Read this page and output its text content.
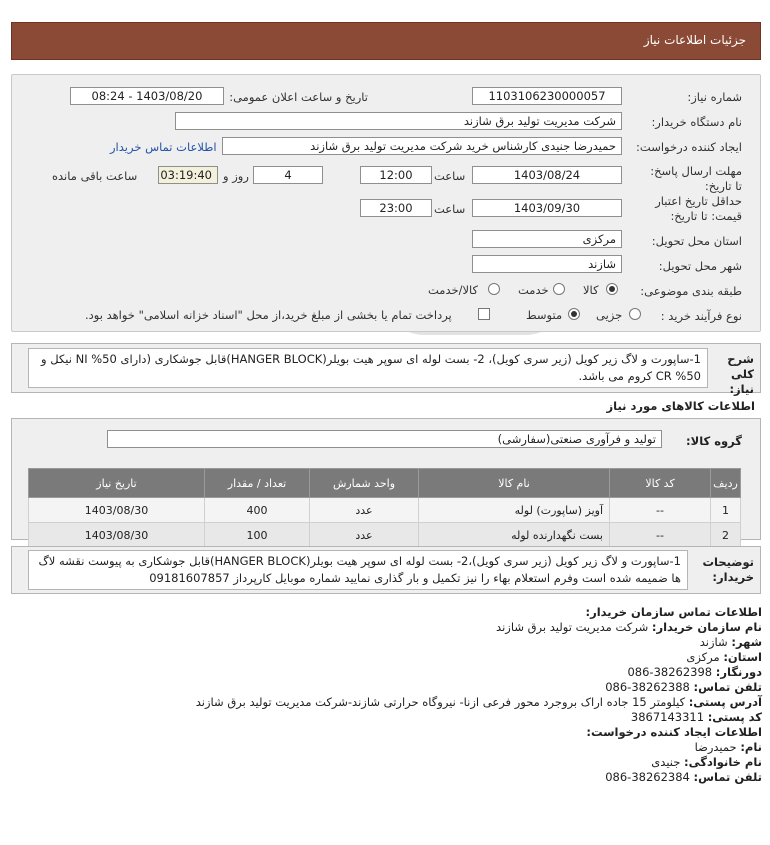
جزئیات اطلاعات نیاز
شماره نیاز:
1103106230000057
تاریخ و ساعت اعلان عمومی:
1403/08/20 - 08:24
نام دستگاه خریدار:
شرکت مدیریت تولید برق شازند
ایجاد کننده درخواست:
حمیدرضا جنیدی کارشناس خرید شرکت مدیریت تولید برق شازند
اطلاعات تماس خریدار
مهلت ارسال پاسخ: تا تاریخ:
1403/08/24
ساعت
12:00
4
روز و
03:19:40
ساعت باقی مانده
حداقل تاریخ اعتبار قیمت: تا تاریخ:
1403/09/30
ساعت
23:00
استان محل تحویل:
مرکزی
شهر محل تحویل:
شازند
طبقه بندی موضوعی:
کالا
خدمت
کالا/خدمت
نوع فرآیند خرید :
جزیی
متوسط
پرداخت تمام یا بخشی از مبلغ خرید،از محل "اسناد خزانه اسلامی" خواهد بود.
شرح کلی نیاز:
1-ساپورت و لاگ زیر کویل (زیر سری کویل)، 2- بست لوله ای سوپر هیت بویلر(HANGER BLOCK)قابل جوشکاری (دارای NI %50 نیکل و CR %50 کروم می باشد.
اطلاعات کالاهای مورد نیاز
گروه کالا:
تولید و فرآوری صنعتی(سفارشی)
ردیف	کد کالا	نام کالا	واحد شمارش	تعداد / مقدار	تاریخ نیاز
1	--	آویز (ساپورت) لوله	عدد	400	1403/08/30
2	--	بست نگهدارنده لوله	عدد	100	1403/08/30
توضیحات خریدار:
1-ساپورت و لاگ زیر کویل (زیر سری کویل)،2- بست لوله ای سوپر هیت بویلر(HANGER BLOCK)قابل جوشکاری به پیوست نقشه لاگ ها ضمیمه شده است وفرم استعلام بهاء را نیز تکمیل و بار گذاری نمایید شماره موبایل کارپرداز 09181607857
اطلاعات تماس سازمان خریدار:
نام سازمان خریدار: شرکت مدیریت تولید برق شازند
شهر: شازند
استان: مرکزی
دورنگار: 38262398-086
تلفن تماس: 38262388-086
آدرس پستی: کیلومتر 15 جاده اراک بروجرد محور فرعی ازنا- نیروگاه حرارتی شازند-شرکت مدیریت تولید برق شازند
کد پستی: 3867143311
اطلاعات ایجاد کننده درخواست:
نام: حمیدرضا
نام خانوادگی: جنیدی
تلفن تماس: 38262384-086
